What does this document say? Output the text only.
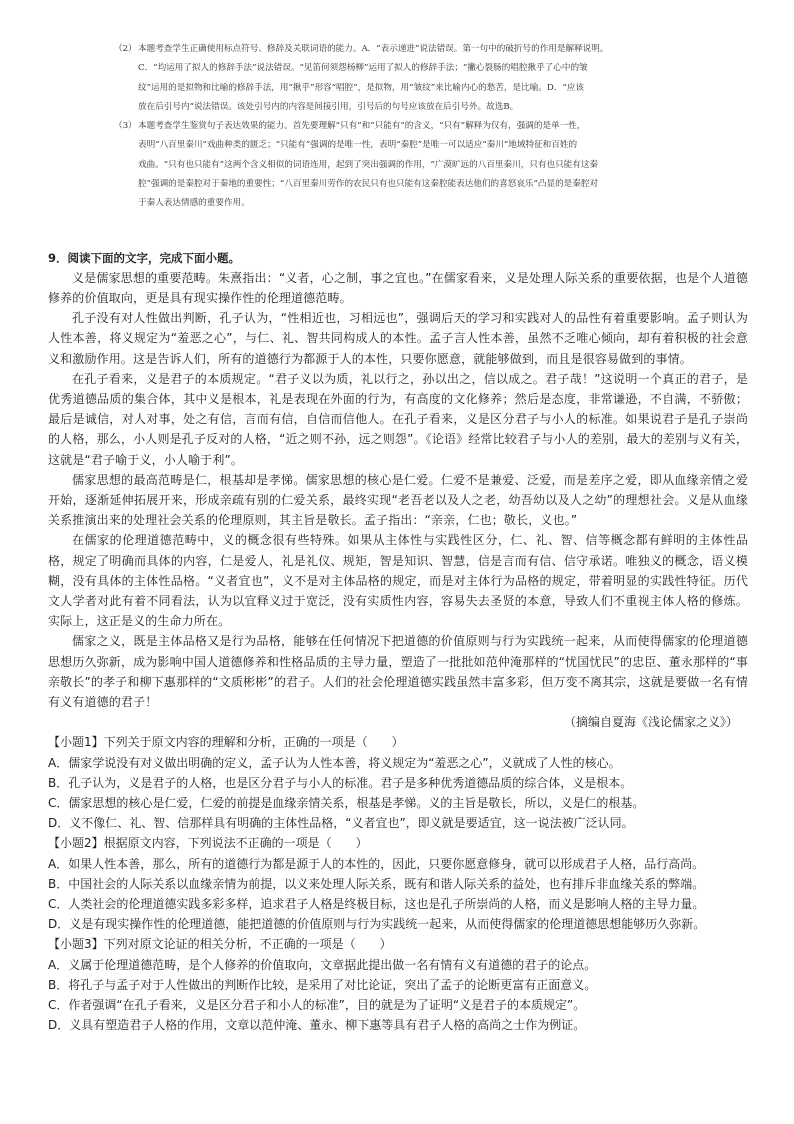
（2） 本题考查学生正确使用标点符号、修辞及关联词语的能力。A．“表示递进”说法错误。第一句中的破折号的作用是解释说明。
C．“均运用了拟人的修辞手法”说法错误。“见笛何须怨杨柳”运用了拟人的修辞手法；“撇心裂肠的唱腔揪乎了心中的皱
纹”运用的是拟物和比喻的修辞手法，用“揪乎”形容“唱腔”，是拟物，用“皱纹”来比喻内心的愁苦，是比喻。D．“应该
放在后引号内”说法错误。该处引号内的内容是间接引用，引号后的句号应该放在后引号外。故选B。
（3） 本题考查学生鉴赏句子表达效果的能力。首先要理解“只有”和“只能有”的含义，“只有”解释为仅有，强调的是单一性，
表明“八百里秦川”戏曲种类的匮乏；“只能有”强调的是唯一性，表明“秦腔”是唯一可以适应“秦川”地域特征和百姓的
戏曲。“只有也只能有”这两个含义相似的词语连用，起到了突出强调的作用，“广漠旷远的八百里秦川，只有也只能有这秦
腔”强调的是秦腔对于秦地的重要性；“八百里秦川劳作的农民只有也只能有这秦腔能表达他们的喜怒哀乐”凸显的是秦腔对
于秦人表达情感的重要作用。

9．阅读下面的文字，完成下面小题。

义是儒家思想的重要范畴。朱熹指出：“义者，心之制，事之宜也。”在儒家看来，义是处理人际关系的重要依据，也是个人道德修养的价值取向，更是具有现实操作性的伦理道德范畴。

孔子没有对人性做出判断，孔子认为，“性相近也，习相远也”，强调后天的学习和实践对人的品性有着重要影响。孟子则认为人性本善，将义规定为“羞恶之心”，与仁、礼、智共同构成人的本性。孟子言人性本善，虽然不乏唯心倾向，却有着积极的社会意义和激励作用。这是告诉人们，所有的道德行为都源于人的本性，只要你愿意，就能够做到，而且是很容易做到的事情。

在孔子看来，义是君子的本质规定。“君子义以为质，礼以行之，孙以出之，信以成之。君子哉！”这说明一个真正的君子，是优秀道德品质的集合体，其中义是根本，礼是表现在外面的行为，有高度的文化修养；然后是态度，非常谦逊，不自满，不骄傲；最后是诚信，对人对事，处之有信，言而有信，自信而信他人。在孔子看来，义是区分君子与小人的标准。如果说君子是孔子崇尚的人格，那么，小人则是孔子反对的人格，“近之则不孙，远之则怨”。《论语》经常比较君子与小人的差别，最大的差别与义有关，这就是“君子喻于义，小人喻于利”。

儒家思想的最高范畴是仁，根基却是孝悌。儒家思想的核心是仁爱。仁爱不是兼爱、泛爱，而是差序之爱，即从血缘亲情之爱开始，逐渐延伸拓展开来，形成亲疏有别的仁爱关系，最终实现“老吾老以及人之老，幼吾幼以及人之幼”的理想社会。义是从血缘关系推演出来的处理社会关系的伦理原则，其主旨是敬长。孟子指出：“亲亲，仁也；敬长，义也。”

在儒家的伦理道德范畴中，义的概念很有些特殊。如果从主体性与实践性区分，仁、礼、智、信等概念都有鲜明的主体性品格，规定了明确而具体的内容，仁是爱人，礼是礼仪、规矩，智是知识、智慧，信是言而有信、信守承诺。唯独义的概念，语义模糊，没有具体的主体性品格。“义者宜也”，义不是对主体品格的规定，而是对主体行为品格的规定，带着明显的实践性特征。历代文人学者对此有着不同看法，认为以宜释义过于宽泛，没有实质性内容，容易失去圣贤的本意，导致人们不重视主体人格的修炼。实际上，这正是义的生命力所在。

儒家之义，既是主体品格又是行为品格，能够在任何情况下把道德的价值原则与行为实践统一起来，从而使得儒家的伦理道德思想历久弥新，成为影响中国人道德修养和性格品质的主导力量，塑造了一批批如范仲淹那样的“忧国忧民”的忠臣、董永那样的“事亲敬长”的孝子和柳下惠那样的“文质彬彬”的君子。人们的社会伦理道德实践虽然丰富多彩，但万变不离其宗，这就是要做一名有情有义有道德的君子！

（摘编自夏海《浅论儒家之义》）

【小题1】下列关于原文内容的理解和分析，正确的一项是（　　）

A．儒家学说没有对义做出明确的定义，孟子认为人性本善，将义规定为“羞恶之心”，义就成了人性的核心。

B．孔子认为，义是君子的人格，也是区分君子与小人的标准。君子是多种优秀道德品质的综合体，义是根本。

C．儒家思想的核心是仁爱，仁爱的前提是血缘亲情关系，根基是孝悌。义的主旨是敬长，所以，义是仁的根基。

D．义不像仁、礼、智、信那样具有明确的主体性品格，“义者宜也”，即义就是要适宜，这一说法被广泛认同。

【小题2】根据原文内容，下列说法不正确的一项是（　　）

A．如果人性本善，那么，所有的道德行为都是源于人的本性的，因此，只要你愿意修身，就可以形成君子人格，品行高尚。

B．中国社会的人际关系以血缘亲情为前提，以义来处理人际关系，既有和谐人际关系的益处，也有排斥非血缘关系的弊端。

C．人类社会的伦理道德实践多彩多样，追求君子人格是终极目标，这也是孔子所崇尚的人格，而义是影响人格的主导力量。

D．义是有现实操作性的伦理道德，能把道德的价值原则与行为实践统一起来，从而使得儒家的伦理道德思想能够历久弥新。

【小题3】下列对原文论证的相关分析，不正确的一项是（　　）

A．义属于伦理道德范畴，是个人修养的价值取向，文章据此提出做一名有情有义有道德的君子的论点。

B．将孔子与孟子对于人性做出的判断作比较，是采用了对比论证，突出了孟子的论断更富有正面意义。

C．作者强调“在孔子看来，义是区分君子和小人的标准”，目的就是为了证明“义是君子的本质规定”。

D．义具有塑造君子人格的作用，文章以范仲淹、董永、柳下惠等具有君子人格的高尚之士作为例证。
